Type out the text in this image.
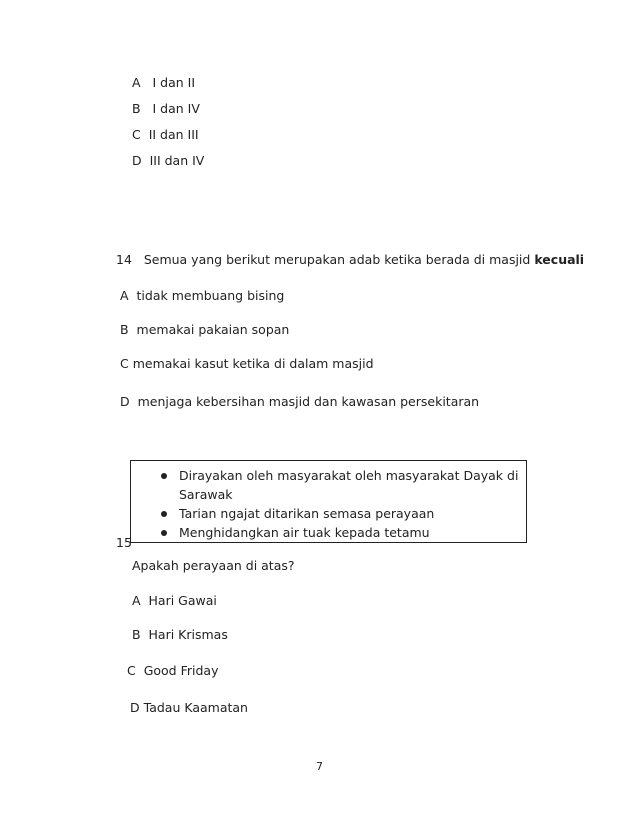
A I dan II
B I dan IV
C II dan III
D III dan IV
14 Semua yang berikut merupakan adab ketika berada di masjid kecuali
A tidak membuang bising
B memakai pakaian sopan
C memakai kasut ketika di dalam masjid
D menjaga kebersihan masjid dan kawasan persekitaran
Dirayakan oleh masyarakat oleh masyarakat Dayak di
Sarawak
Tarian ngajat ditarikan semasa perayaan
Menghidangkan air tuak kepada tetamu
15
Apakah perayaan di atas?
A Hari Gawai
B Hari Krismas
C Good Friday
D Tadau Kaamatan
7
